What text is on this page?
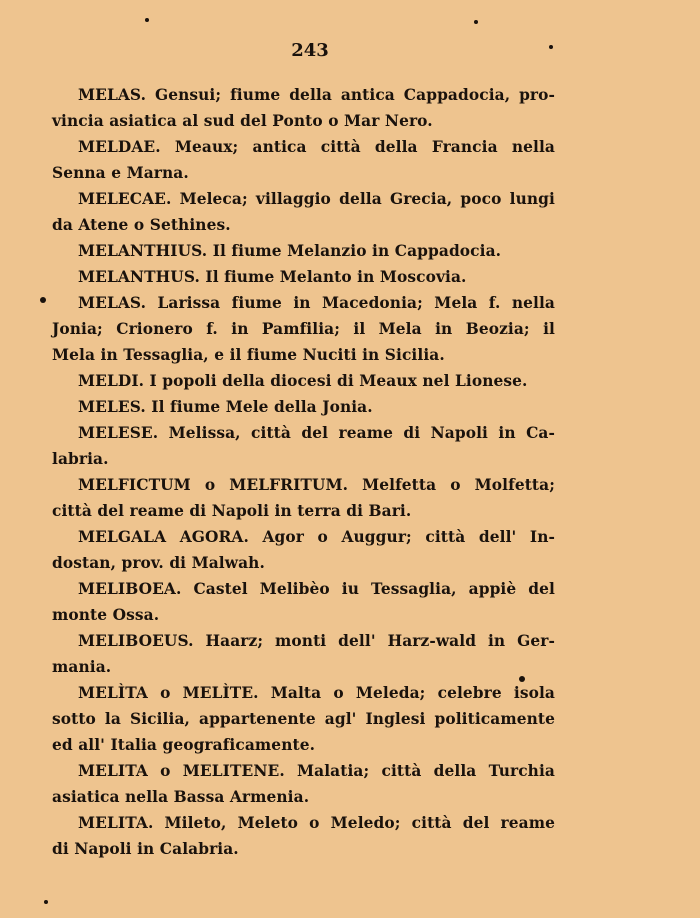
243
MELAS. Gensui; fiume della antica Cappadocia, pro-
vincia asiatica al sud del Ponto o Mar Nero.
MELDAE. Meaux; antica città della Francia nella
Senna e Marna.
MELECAE. Meleca; villaggio della Grecia, poco lungi
da Atene o Sethines.
MELANTHIUS. Il fiume Melanzio in Cappadocia.
MELANTHUS. Il fiume Melanto in Moscovia.
MELAS. Larissa fiume in Macedonia; Mela f. nella
Jonia; Crionero f. in Pamfilia; il Mela in Beozia; il
Mela in Tessaglia, e il fiume Nuciti in Sicilia.
MELDI. I popoli della diocesi di Meaux nel Lionese.
MELES. Il fiume Mele della Jonia.
MELESE. Melissa, città del reame di Napoli in Ca-
labria.
MELFICTUM o MELFRITUM. Melfetta o Molfetta;
città del reame di Napoli in terra di Bari.
MELGALA AGORA. Agor o Auggur; città dell' In-
dostan, prov. di Malwah.
MELIBOEA. Castel Melibèo iu Tessaglia, appiè del
monte Ossa.
MELIBOEUS. Haarz; monti dell' Harz-wald in Ger-
mania.
MELÌTA o MELÌTE. Malta o Meleda; celebre isola
sotto la Sicilia, appartenente agl' Inglesi politicamente
ed all' Italia geograficamente.
MELITA o MELITENE. Malatia; città della Turchia
asiatica nella Bassa Armenia.
MELITA. Mileto, Meleto o Meledo; città del reame
di Napoli in Calabria.
